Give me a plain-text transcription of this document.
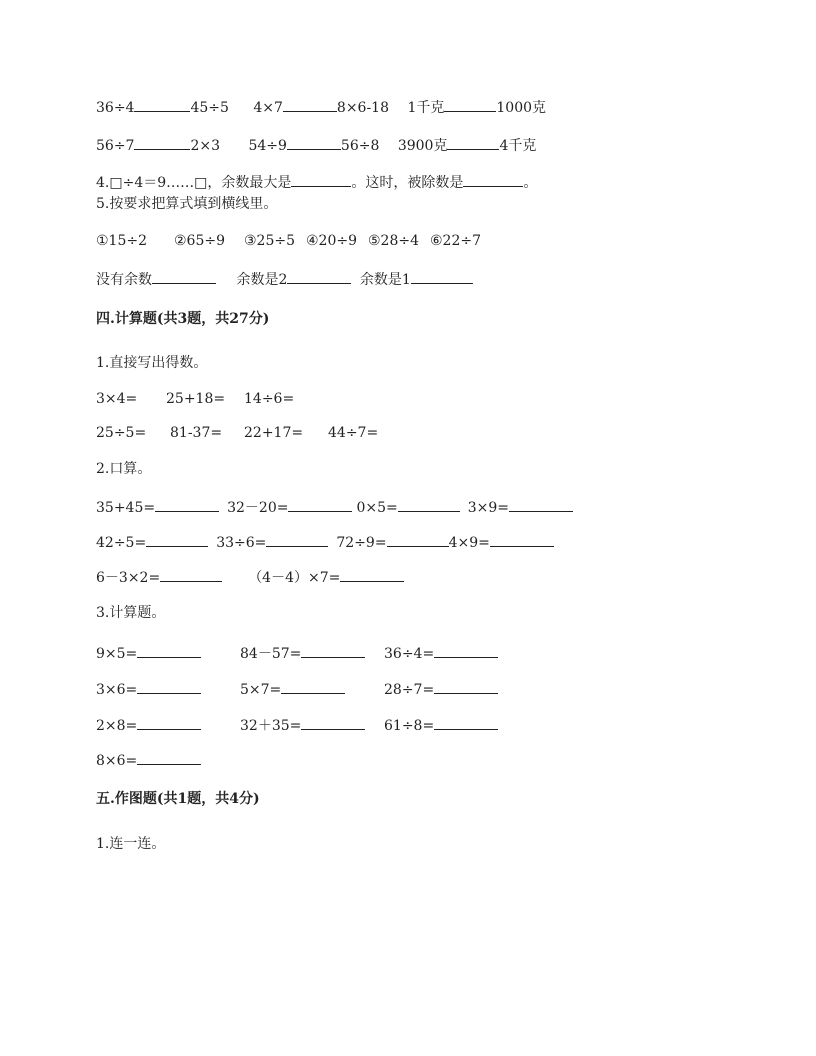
36÷4	45÷5 4×7	8×6-18 1千克	1000克
56÷7	2×3 54÷9	56÷8 3900克	4千克
4.□÷4＝9……□，余数最大是	。这时，被除数是	。
5.按要求把算式填到横线里。
①15÷2 ②65÷9 ③25÷5 ④20÷9 ⑤28÷4 ⑥22÷7
没有余数	余数是2	余数是1
四.计算题(共3题，共27分)
1.直接写出得数。
3×4= 25+18= 14÷6=
25÷5= 81-37= 22+17= 44÷7=
2.口算。
35+45=	32－20=	0×5=	3×9=
42÷5=	33÷6=	72÷9=	4×9=
6－3×2=	（4－4）×7=
3.计算题。
9×5=	84－57=	36÷4=
3×6=	5×7=	28÷7=
2×8=	32＋35=	61÷8=
8×6=
五.作图题(共1题，共4分)
1.连一连。
